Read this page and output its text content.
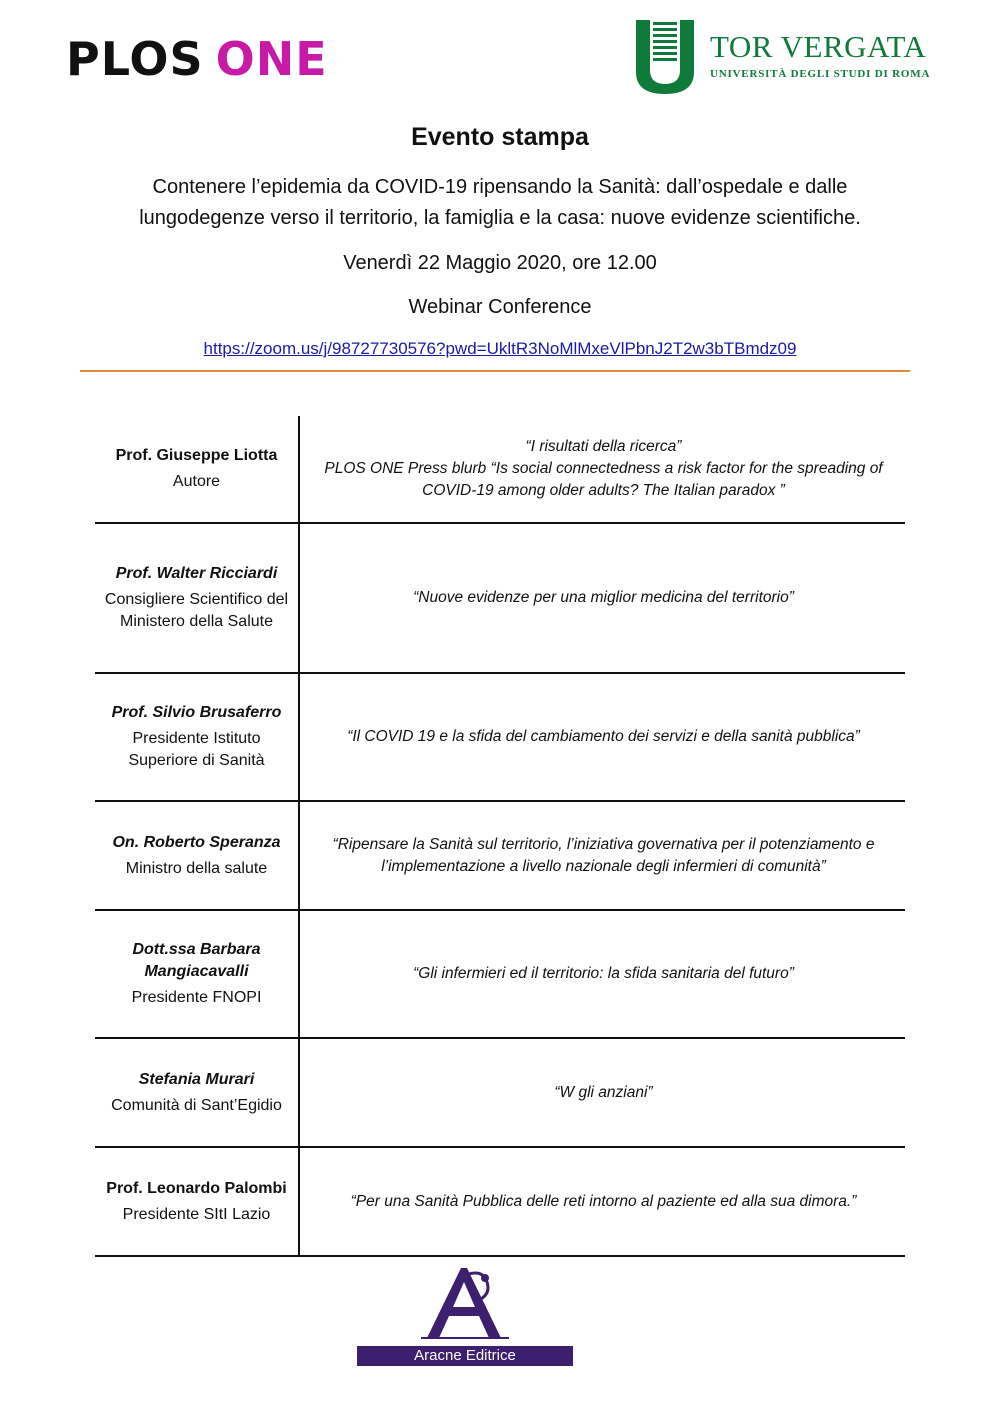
PLOS ONE	TOR VERGATA
UNIVERSITÀ DEGLI STUDI DI ROMA
Evento stampa
Contenere l’epidemia da COVID-19 ripensando la Sanità: dall’ospedale e dalle
lungodegenze verso il territorio, la famiglia e la casa: nuove evidenze scientifiche.
Venerdì 22 Maggio 2020, ore 12.00
Webinar Conference
https://zoom.us/j/98727730576?pwd=UkltR3NoMlMxeVlPbnJ2T2w3bTBmdz09
Prof. Giuseppe Liotta
Autore
“I risultati della ricerca”
PLOS ONE Press blurb “Is social connectedness a risk factor for the spreading of
COVID-19 among older adults? The Italian paradox ”
Prof. Walter Ricciardi
Consigliere Scientifico del Ministero della Salute
“Nuove evidenze per una miglior medicina del territorio”
Prof. Silvio Brusaferro
Presidente Istituto Superiore di Sanità
“Il COVID 19 e la sfida del cambiamento dei servizi e della sanità pubblica”
On. Roberto Speranza
Ministro della salute
“Ripensare la Sanità sul territorio, l’iniziativa governativa per il potenziamento e
l’implementazione a livello nazionale degli infermieri di comunità”
Dott.ssa Barbara Mangiacavalli
Presidente FNOPI
“Gli infermieri ed il territorio: la sfida sanitaria del futuro”
Stefania Murari
Comunità di Sant’Egidio
“W gli anziani”
Prof. Leonardo Palombi
Presidente SItI Lazio
“Per una Sanità Pubblica delle reti intorno al paziente ed alla sua dimora.”
Aracne Editrice
